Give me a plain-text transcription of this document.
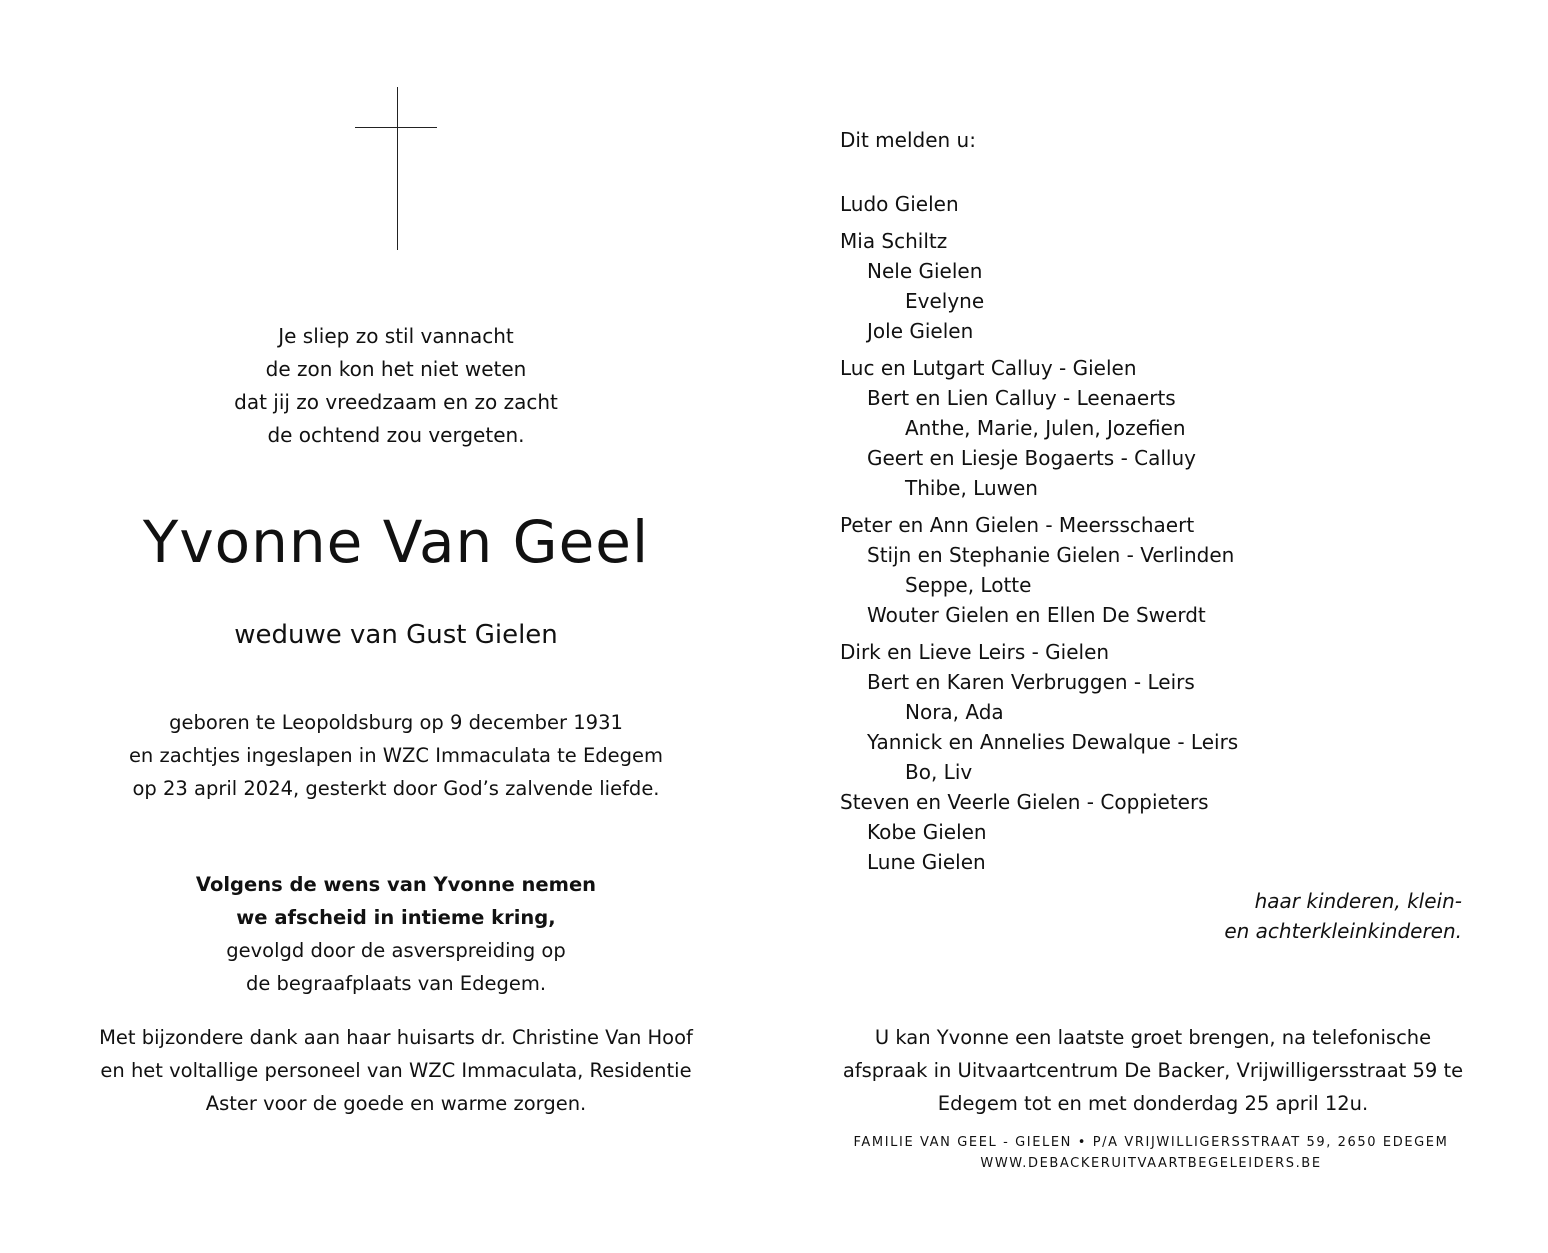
Je sliep zo stil vannacht
de zon kon het niet weten
dat jij zo vreedzaam en zo zacht
de ochtend zou vergeten.
Yvonne Van Geel
weduwe van Gust Gielen
geboren te Leopoldsburg op 9 december 1931
en zachtjes ingeslapen in WZC Immaculata te Edegem
op 23 april 2024, gesterkt door God’s zalvende liefde.
Volgens de wens van Yvonne nemen
we afscheid in intieme kring,
gevolgd door de asverspreiding op
de begraafplaats van Edegem.
Met bijzondere dank aan haar huisarts dr. Christine Van Hoof
en het voltallige personeel van WZC Immaculata, Residentie
Aster voor de goede en warme zorgen.
Dit melden u:
Ludo Gielen
Mia Schiltz
Nele Gielen
Evelyne
Jole Gielen
Luc en Lutgart Calluy - Gielen
Bert en Lien Calluy - Leenaerts
Anthe, Marie, Julen, Jozefien
Geert en Liesje Bogaerts - Calluy
Thibe, Luwen
Peter en Ann Gielen - Meersschaert
Stijn en Stephanie Gielen - Verlinden
Seppe, Lotte
Wouter Gielen en Ellen De Swerdt
Dirk en Lieve Leirs - Gielen
Bert en Karen Verbruggen - Leirs
Nora, Ada
Yannick en Annelies Dewalque - Leirs
Bo, Liv
Steven en Veerle Gielen - Coppieters
Kobe Gielen
Lune Gielen
haar kinderen, klein-
en achterkleinkinderen.
U kan Yvonne een laatste groet brengen, na telefonische
afspraak in Uitvaartcentrum De Backer, Vrijwilligersstraat 59 te
Edegem tot en met donderdag 25 april 12u.
FAMILIE VAN GEEL - GIELEN • P/A VRIJWILLIGERSSTRAAT 59, 2650 EDEGEM
WWW.DEBACKERUITVAARTBEGELEIDERS.BE
